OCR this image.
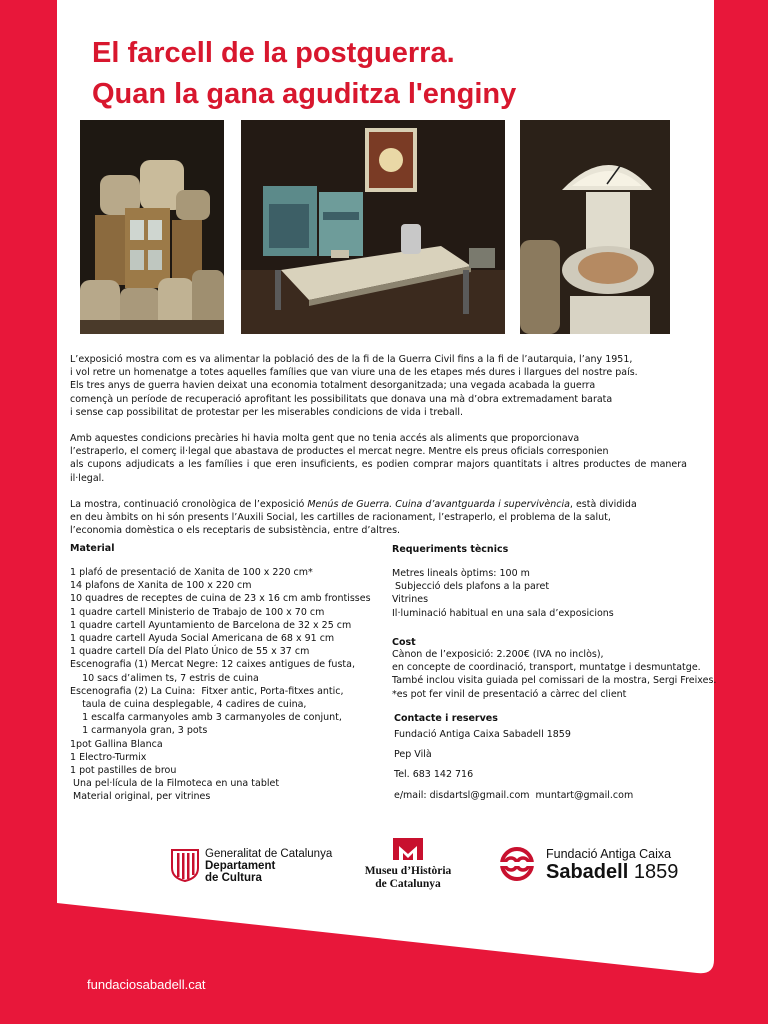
El farcell de la postguerra.
Quan la gana aguditza l'enginy

L’exposició mostra com es va alimentar la població des de la fi de la Guerra Civil fins a la fi de l’autarquia, l’any 1951,
i vol retre un homenatge a totes aquelles famílies que van viure una de les etapes més dures i llargues del nostre país.
Els tres anys de guerra havien deixat una economia totalment desorganitzada; una vegada acabada la guerra
començà un període de recuperació aprofitant les possibilitats que donava una mà d’obra extremadament barata
i sense cap possibilitat de protestar per les miserables condicions de vida i treball.

Amb aquestes condicions precàries hi havia molta gent que no tenia accés als aliments que proporcionava
l’estraperlo, el comerç il·legal que abastava de productes el mercat negre. Mentre els preus oficials corresponien
als cupons adjudicats a les famílies i que eren insuficients, es podien comprar majors quantitats i altres productes de manera il·legal.

La mostra, continuació cronològica de l’exposició Menús de Guerra. Cuina d’avantguarda i supervivència, està dividida
en deu àmbits on hi són presents l’Auxili Social, les cartilles de racionament, l’estraperlo, el problema de la salut,
l’economia domèstica o els receptaris de subsistència, entre d’altres.

Material
1 plafó de presentació de Xanita de 100 x 220 cm*
14 plafons de Xanita de 100 x 220 cm
10 quadres de receptes de cuina de 23 x 16 cm amb frontisses
1 quadre cartell Ministerio de Trabajo de 100 x 70 cm
1 quadre cartell Ayuntamiento de Barcelona de 32 x 25 cm
1 quadre cartell Ayuda Social Americana de 68 x 91 cm
1 quadre cartell Día del Plato Único de 55 x 37 cm
Escenografia (1) Mercat Negre: 12 caixes antigues de fusta,
10 sacs d’alimen ts, 7 estris de cuina
Escenografia (2) La Cuina:  Fitxer antic, Porta-fitxes antic,
taula de cuina desplegable, 4 cadires de cuina,
1 escalfa carmanyoles amb 3 carmanyoles de conjunt,
1 carmanyola gran, 3 pots
1pot Gallina Blanca
1 Electro-Turmix
1 pot pastilles de brou
Una pel·lícula de la Filmoteca en una tablet
Material original, per vitrines
Requeriments tècnics
Metres lineals òptims: 100 m
Subjecció dels plafons a la paret
Vitrines
Il·luminació habitual en una sala d’exposicions
Cost
Cànon de l’exposició: 2.200€ (IVA no inclòs),
en concepte de coordinació, transport, muntatge i desmuntatge.
També inclou visita guiada pel comissari de la mostra, Sergi Freixes.
*es pot fer vinil de presentació a càrrec del client
Contacte i reserves
Fundació Antiga Caixa Sabadell 1859
Pep Vilà
Tel. 683 142 716
e/mail: disdartsl@gmail.com  muntart@gmail.com
Generalitat de Catalunya
Departament
de Cultura
Museu d’Història
de Catalunya
Fundació Antiga Caixa
Sabadell 1859
fundaciosabadell.cat
